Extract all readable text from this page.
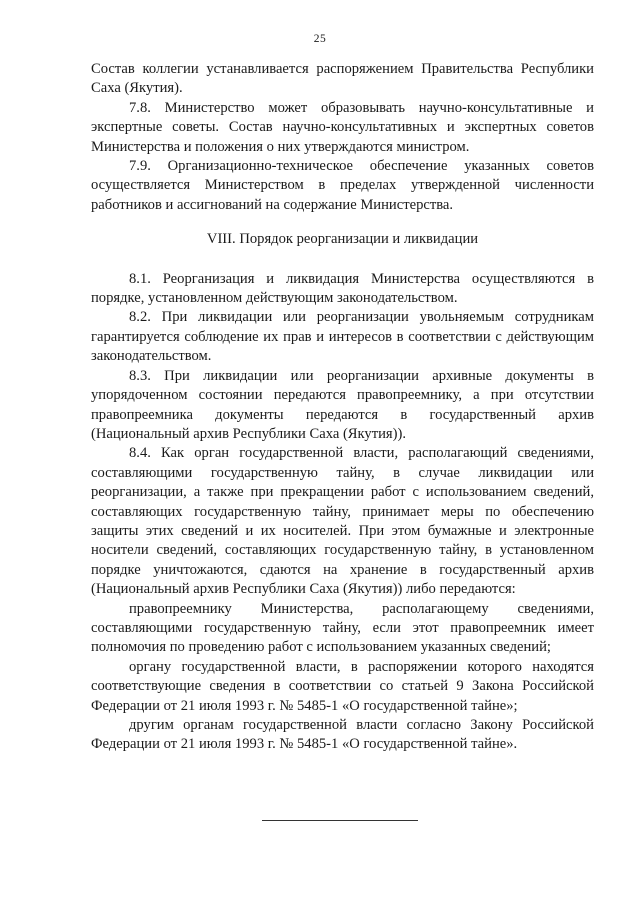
25

Состав коллегии устанавливается распоряжением Правительства Республики Саха (Якутия).

7.8. Министерство может образовывать научно-консультативные и экспертные советы. Состав научно-консультативных и экспертных советов Министерства и положения о них утверждаются министром.

7.9. Организационно-техническое обеспечение указанных советов осуществляется Министерством в пределах утвержденной численности работников и ассигнований на содержание Министерства.

VIII. Порядок реорганизации и ликвидации

8.1. Реорганизация и ликвидация Министерства осуществляются в порядке, установленном действующим законодательством.

8.2. При ликвидации или реорганизации увольняемым сотрудникам гарантируется соблюдение их прав и интересов в соответствии с действующим законодательством.

8.3. При ликвидации или реорганизации архивные документы в упорядоченном состоянии передаются правопреемнику, а при отсутствии правопреемника документы передаются в государственный архив (Национальный архив Республики Саха (Якутия)).

8.4. Как орган государственной власти, располагающий сведениями, составляющими государственную тайну, в случае ликвидации или реорганизации, а также при прекращении работ с использованием сведений, составляющих государственную тайну, принимает меры по обеспечению защиты этих сведений и их носителей. При этом бумажные и электронные носители сведений, составляющих государственную тайну, в установленном порядке уничтожаются, сдаются на хранение в государственный архив (Национальный архив Республики Саха (Якутия)) либо передаются:

правопреемнику Министерства, располагающему сведениями, составляющими государственную тайну, если этот правопреемник имеет полномочия по проведению работ с использованием указанных сведений;

органу государственной власти, в распоряжении которого находятся соответствующие сведения в соответствии со статьей 9 Закона Российской Федерации от 21 июля 1993 г. № 5485-1 «О государственной тайне»;

другим органам государственной власти согласно Закону Российской Федерации от 21 июля 1993 г. № 5485-1 «О государственной тайне».
